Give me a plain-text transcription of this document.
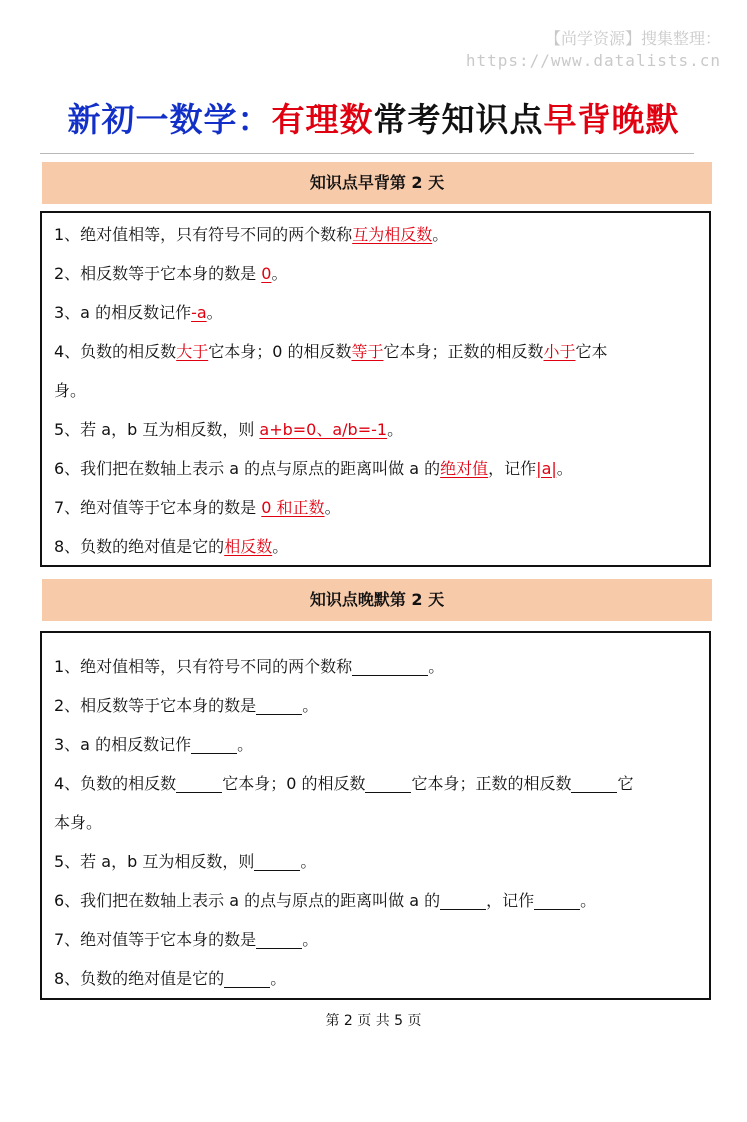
【尚学资源】搜集整理：
https://www.datalists.cn
新初一数学：有理数常考知识点早背晚默
知识点早背第 2 天
1、绝对值相等，只有符号不同的两个数称互为相反数。
2、相反数等于它本身的数是 0。
3、a 的相反数记作-a。
4、负数的相反数大于它本身；0 的相反数等于它本身；正数的相反数小于它本
身。
5、若 a，b 互为相反数，则 a+b=0、a/b=-1。
6、我们把在数轴上表示 a 的点与原点的距离叫做 a 的绝对值，记作|a|。
7、绝对值等于它本身的数是 0 和正数。
8、负数的绝对值是它的相反数。
知识点晚默第 2 天
1、绝对值相等，只有符号不同的两个数称	。
2、相反数等于它本身的数是	。
3、a 的相反数记作	。
4、负数的相反数	它本身；0 的相反数	它本身；正数的相反数	它
本身。
5、若 a，b 互为相反数，则	。
6、我们把在数轴上表示 a 的点与原点的距离叫做 a 的	，记作	。
7、绝对值等于它本身的数是	。
8、负数的绝对值是它的	。
第 2 页 共 5 页
